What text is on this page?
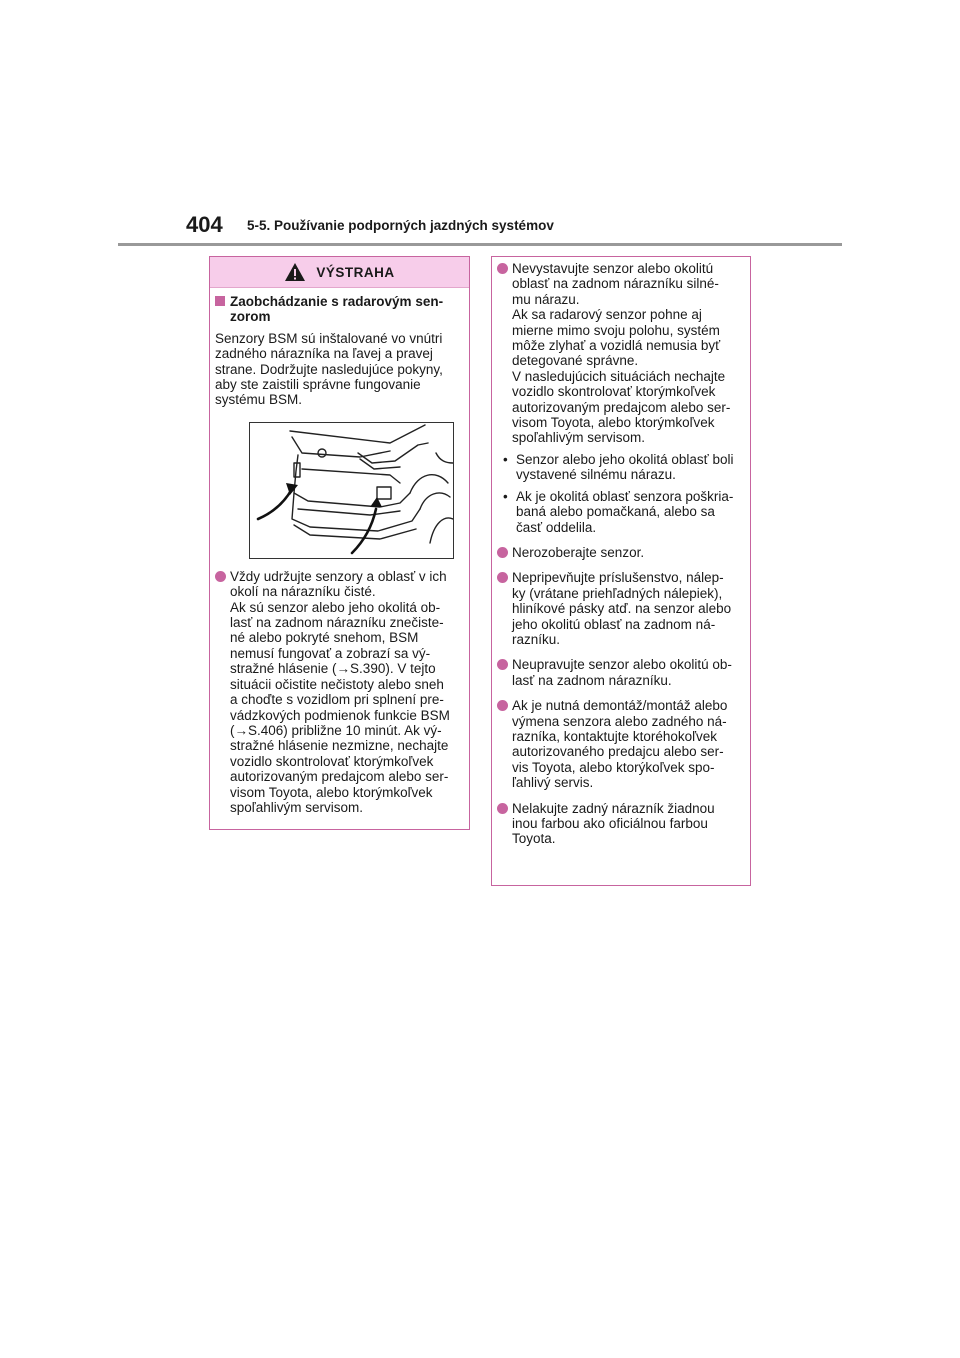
404 5-5. Používanie podporných jazdných systémov
VÝSTRAHA
Zaobchádzanie s radarovým sen-
zorom
Senzory BSM sú inštalované vo vnútri
zadného nárazníka na ľavej a pravej
strane. Dodržujte nasledujúce pokyny,
aby ste zaistili správne fungovanie
systému BSM.
Vždy udržujte senzory a oblasť v ich
okolí na nárazníku čisté.
Ak sú senzor alebo jeho okolitá ob-
lasť na zadnom nárazníku znečiste-
né alebo pokryté snehom, BSM
nemusí fungovať a zobrazí sa vý-
stražné hlásenie (→S.390). V tejto
situácii očistite nečistoty alebo sneh
a choďte s vozidlom pri splnení pre-
vádzkových podmienok funkcie BSM
(→S.406) približne 10 minút. Ak vý-
stražné hlásenie nezmizne, nechajte
vozidlo skontrolovať ktorýmkoľvek
autorizovaným predajcom alebo ser-
visom Toyota, alebo ktorýmkoľvek
spoľahlivým servisom.
Nevystavujte senzor alebo okolitú
oblasť na zadnom nárazníku silné-
mu nárazu.
Ak sa radarový senzor pohne aj
mierne mimo svoju polohu, systém
môže zlyhať a vozidlá nemusia byť
detegované správne.
V nasledujúcich situáciách nechajte
vozidlo skontrolovať ktorýmkoľvek
autorizovaným predajcom alebo ser-
visom Toyota, alebo ktorýmkoľvek
spoľahlivým servisom.
• Senzor alebo jeho okolitá oblasť boli
vystavené silnému nárazu.
• Ak je okolitá oblasť senzora poškria-
baná alebo pomačkaná, alebo sa
časť oddelila.
Nerozoberajte senzor.
Nepripevňujte príslušenstvo, nálep-
ky (vrátane priehľadných nálepiek),
hliníkové pásky atď. na senzor alebo
jeho okolitú oblasť na zadnom ná-
razníku.
Neupravujte senzor alebo okolitú ob-
lasť na zadnom nárazníku.
Ak je nutná demontáž/montáž alebo
výmena senzora alebo zadného ná-
razníka, kontaktujte ktoréhokoľvek
autorizovaného predajcu alebo ser-
vis Toyota, alebo ktorýkoľvek spo-
ľahlivý servis.
Nelakujte zadný nárazník žiadnou
inou farbou ako oficiálnou farbou
Toyota.
